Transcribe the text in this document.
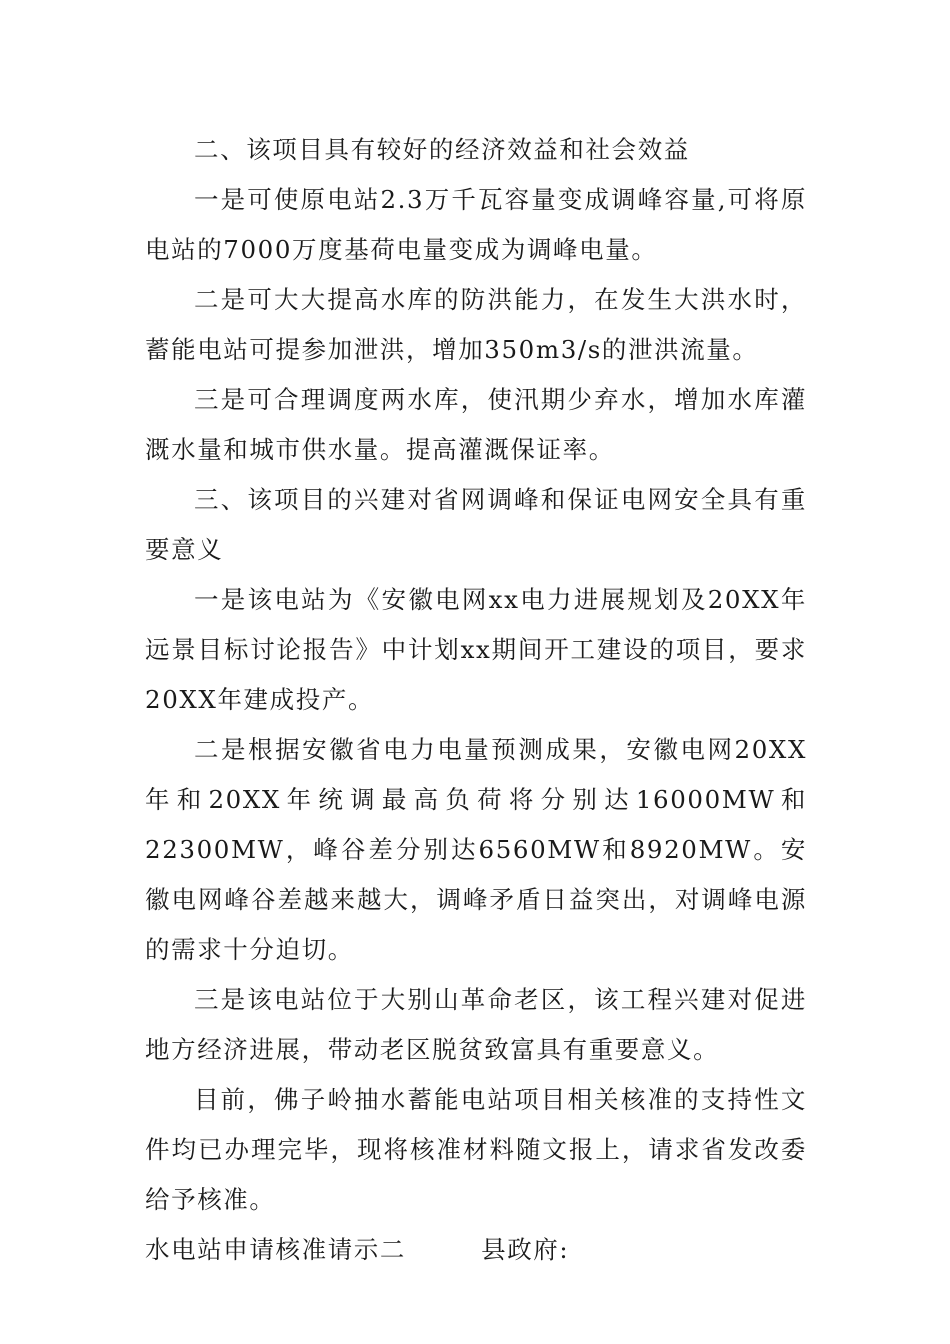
二、该项目具有较好的经济效益和社会效益

一是可使原电站2.3万千瓦容量变成调峰容量,可将原电站的7000万度基荷电量变成为调峰电量。

二是可大大提高水库的防洪能力，在发生大洪水时，蓄能电站可提参加泄洪，增加350m3/s的泄洪流量。

三是可合理调度两水库，使汛期少弃水，增加水库灌溉水量和城市供水量。提高灌溉保证率。

三、该项目的兴建对省网调峰和保证电网安全具有重要意义

一是该电站为《安徽电网xx电力进展规划及20XX年远景目标讨论报告》中计划xx期间开工建设的项目，要求20XX年建成投产。

二是根据安徽省电力电量预测成果，安徽电网20XX年和20XX年统调最高负荷将分别达16000MW和22300MW，峰谷差分别达6560MW和8920MW。安徽电网峰谷差越来越大，调峰矛盾日益突出，对调峰电源的需求十分迫切。

三是该电站位于大别山革命老区，该工程兴建对促进地方经济进展，带动老区脱贫致富具有重要意义。

目前，佛子岭抽水蓄能电站项目相关核准的支持性文件均已办理完毕，现将核准材料随文报上，请求省发改委给予核准。

水电站申请核准请示二	县政府:
